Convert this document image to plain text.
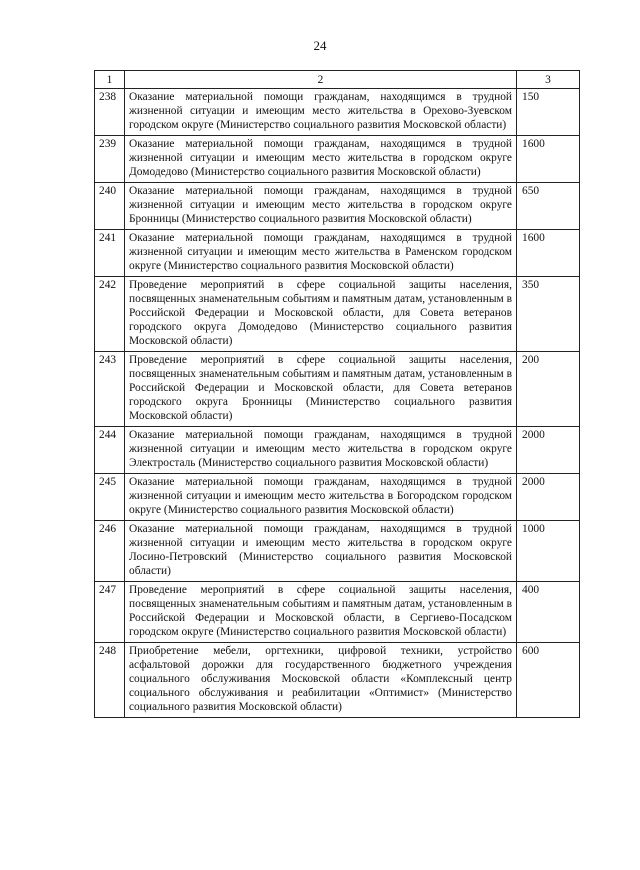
24
1	2	3
238	Оказание материальной помощи гражданам, находящимся в трудной жизненной ситуации и имеющим место жительства в Орехово-Зуевском городском округе (Министерство социального развития Московской области)	150
239	Оказание материальной помощи гражданам, находящимся в трудной жизненной ситуации и имеющим место жительства в городском округе Домодедово (Министерство социального развития Московской области)	1600
240	Оказание материальной помощи гражданам, находящимся в трудной жизненной ситуации и имеющим место жительства в городском округе Бронницы (Министерство социального развития Московской области)	650
241	Оказание материальной помощи гражданам, находящимся в трудной жизненной ситуации и имеющим место жительства в Раменском городском округе (Министерство социального развития Московской области)	1600
242	Проведение мероприятий в сфере социальной защиты населения, посвященных знаменательным событиям и памятным датам, установленным в Российской Федерации и Московской области, для Совета ветеранов городского округа Домодедово (Министерство социального развития Московской области)	350
243	Проведение мероприятий в сфере социальной защиты населения, посвященных знаменательным событиям и памятным датам, установленным в Российской Федерации и Московской области, для Совета ветеранов городского округа Бронницы (Министерство социального развития Московской области)	200
244	Оказание материальной помощи гражданам, находящимся в трудной жизненной ситуации и имеющим место жительства в городском округе Электросталь (Министерство социального развития Московской области)	2000
245	Оказание материальной помощи гражданам, находящимся в трудной жизненной ситуации и имеющим место жительства в Богородском городском округе (Министерство социального развития Московской области)	2000
246	Оказание материальной помощи гражданам, находящимся в трудной жизненной ситуации и имеющим место жительства в городском округе Лосино-Петровский (Министерство социального развития Московской области)	1000
247	Проведение мероприятий в сфере социальной защиты населения, посвященных знаменательным событиям и памятным датам, установленным в Российской Федерации и Московской области, в Сергиево-Посадском городском округе (Министерство социального развития Московской области)	400
248	Приобретение мебели, оргтехники, цифровой техники, устройство асфальтовой дорожки для государственного бюджетного учреждения социального обслуживания Московской области «Комплексный центр социального обслуживания и реабилитации «Оптимист» (Министерство социального развития Московской области)	600
